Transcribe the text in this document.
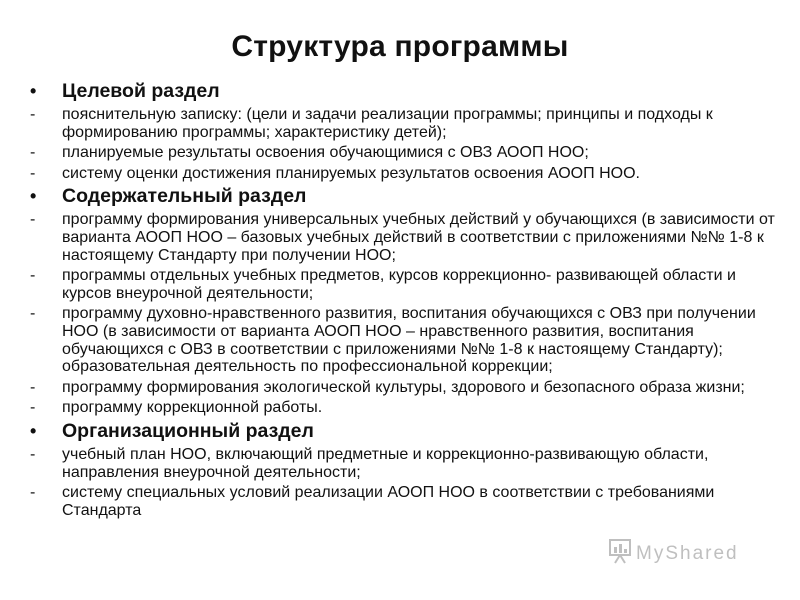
Структура программы
•	Целевой раздел
-	пояснительную записку: (цели и задачи реализации программы; принципы и подходы к формированию программы; характеристику детей);
-	планируемые результаты освоения обучающимися с ОВЗ АООП НОО;
-	систему оценки достижения планируемых результатов освоения АООП НОО.
•	Содержательный раздел
-	программу формирования универсальных учебных действий у обучающихся (в зависимости от варианта АООП НОО – базовых учебных действий в соответствии с приложениями №№ 1-8 к настоящему Стандарту при получении НОО;
-	программы отдельных учебных предметов, курсов коррекционно- развивающей области и курсов внеурочной деятельности;
-	программу духовно-нравственного развития, воспитания обучающихся с ОВЗ при получении НОО (в зависимости от варианта АООП НОО – нравственного развития, воспитания обучающихся с ОВЗ в соответствии с приложениями №№ 1-8 к настоящему Стандарту); образовательная деятельность по профессиональной коррекции;
-	программу формирования экологической культуры, здорового и безопасного образа жизни;
-	программу коррекционной работы.
•	Организационный раздел
-	учебный план НОО, включающий предметные и коррекционно-развивающую области, направления внеурочной деятельности;
-	систему специальных условий реализации АООП НОО в соответствии с требованиями Стандарта
MyShared
